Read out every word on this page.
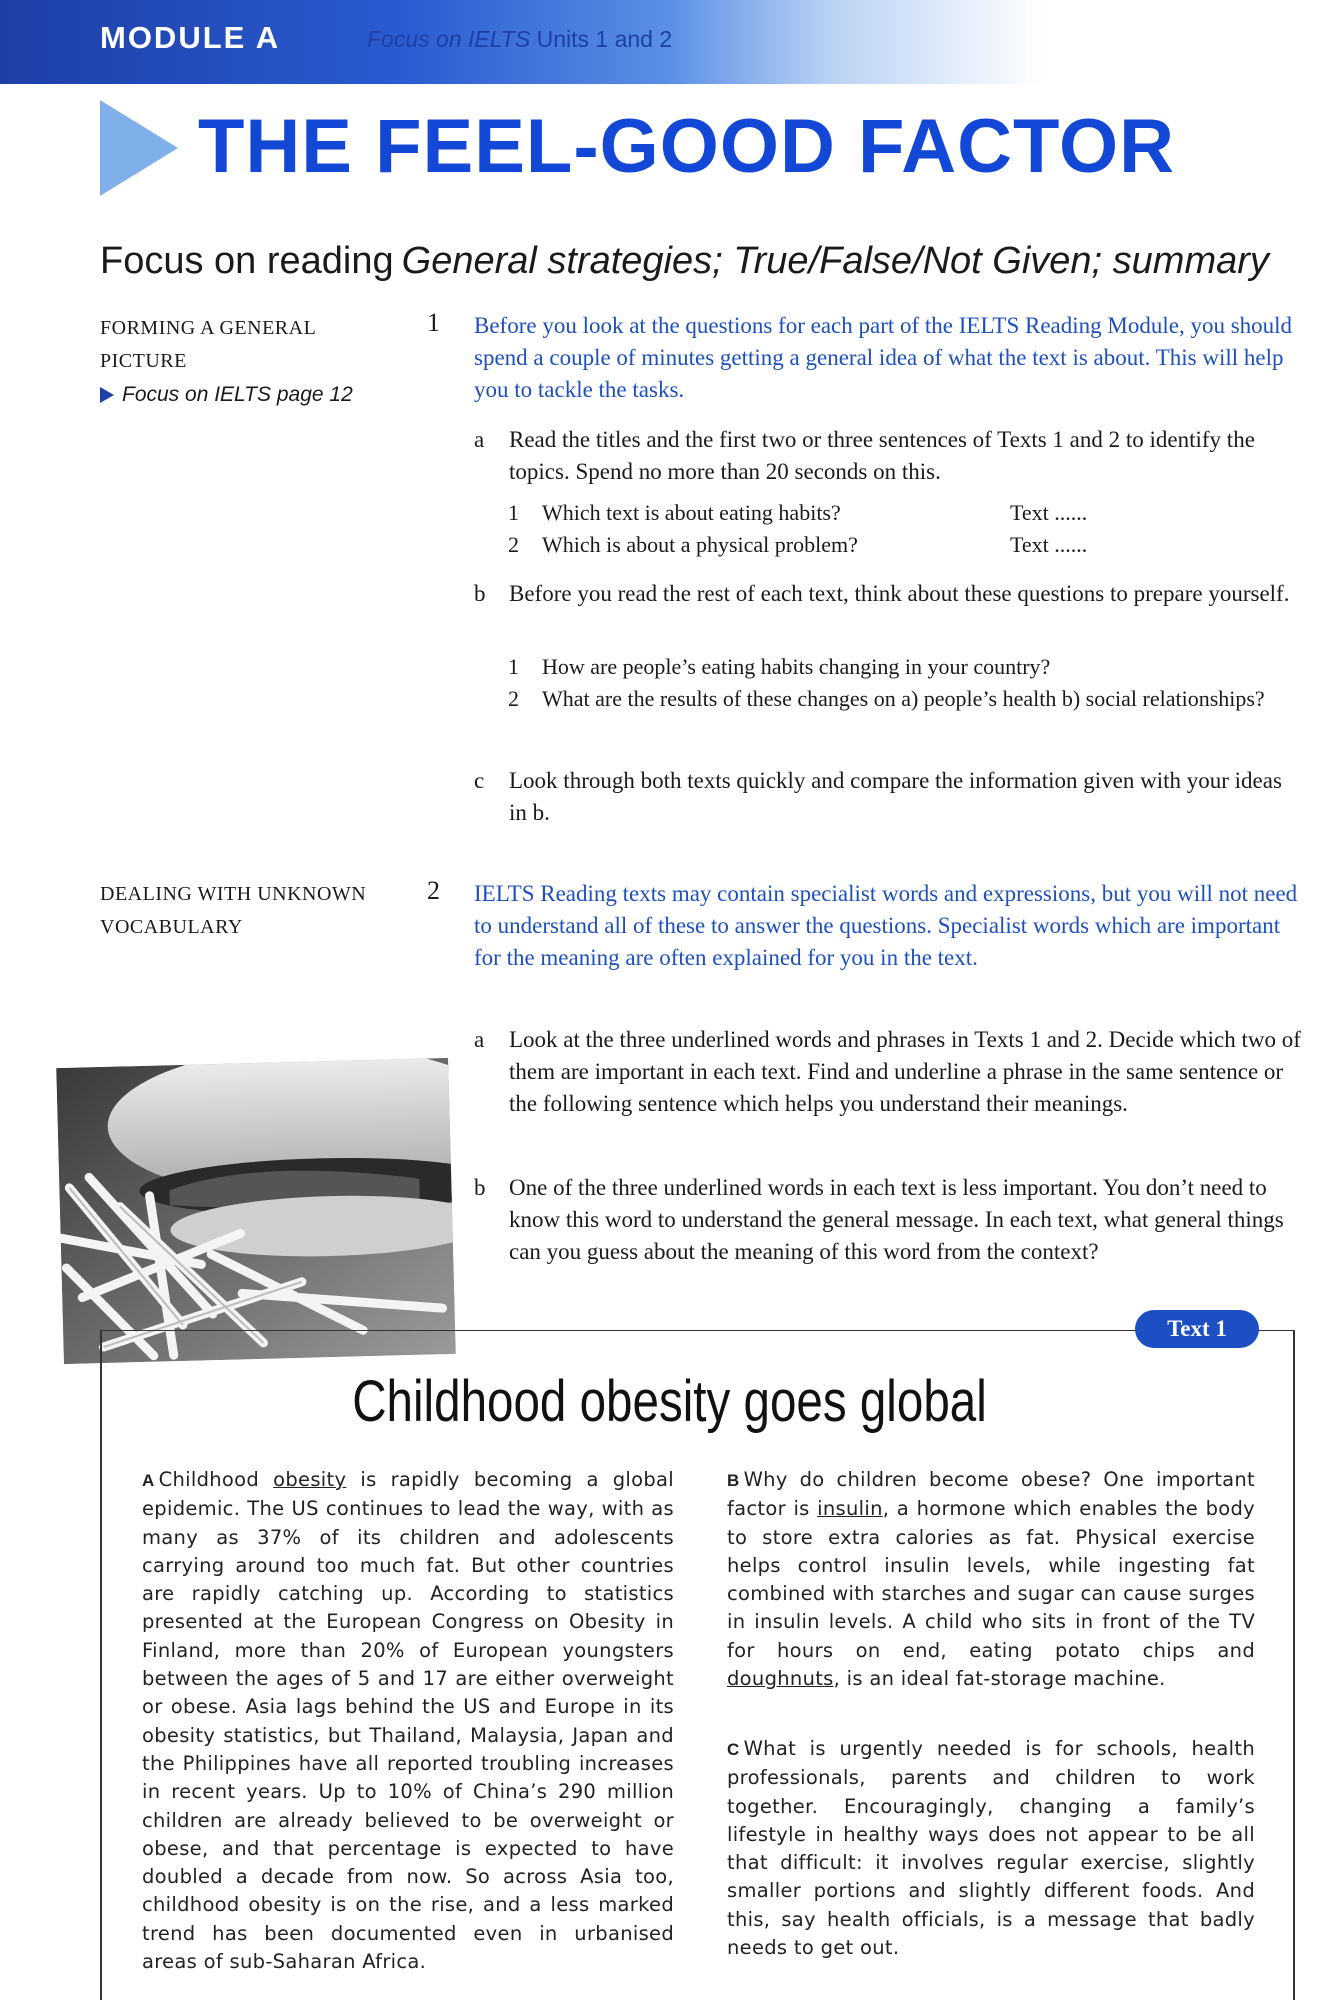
MODULE A	Focus on IELTS Units 1 and 2
THE FEEL-GOOD FACTOR
Focus on reading General strategies; True/False/Not Given; summary
FORMING A GENERAL
PICTURE
Focus on IELTS page 12
1 Before you look at the questions for each part of the IELTS Reading Module, you should spend a couple of minutes getting a general idea of what the text is about. This will help you to tackle the tasks.
a Read the titles and the first two or three sentences of Texts 1 and 2 to identify the topics. Spend no more than 20 seconds on this.
1 Which text is about eating habits?	Text ......
2 Which is about a physical problem?	Text ......
b Before you read the rest of each text, think about these questions to prepare yourself.
1 How are people’s eating habits changing in your country?
2 What are the results of these changes on a) people’s health b) social relationships?
c Look through both texts quickly and compare the information given with your ideas in b.
DEALING WITH UNKNOWN
VOCABULARY
2 IELTS Reading texts may contain specialist words and expressions, but you will not need to understand all of these to answer the questions. Specialist words which are important for the meaning are often explained for you in the text.
a Look at the three underlined words and phrases in Texts 1 and 2. Decide which two of them are important in each text. Find and underline a phrase in the same sentence or the following sentence which helps you understand their meanings.
b One of the three underlined words in each text is less important. You don’t need to know this word to understand the general message. In each text, what general things can you guess about the meaning of this word from the context?
Text 1
Childhood obesity goes global
A Childhood obesity is rapidly becoming a global epidemic. The US continues to lead the way, with as many as 37% of its children and adolescents carrying around too much fat. But other countries are rapidly catching up. According to statistics presented at the European Congress on Obesity in Finland, more than 20% of European youngsters between the ages of 5 and 17 are either overweight or obese. Asia lags behind the US and Europe in its obesity statistics, but Thailand, Malaysia, Japan and the Philippines have all reported troubling increases in recent years. Up to 10% of China’s 290 million children are already believed to be overweight or obese, and that percentage is expected to have doubled a decade from now. So across Asia too, childhood obesity is on the rise, and a less marked trend has been documented even in urbanised areas of sub-Saharan Africa.
B Why do children become obese? One important factor is insulin, a hormone which enables the body to store extra calories as fat. Physical exercise helps control insulin levels, while ingesting fat combined with starches and sugar can cause surges in insulin levels. A child who sits in front of the TV for hours on end, eating potato chips and doughnuts, is an ideal fat-storage machine.
C What is urgently needed is for schools, health professionals, parents and children to work together. Encouragingly, changing a family’s lifestyle in healthy ways does not appear to be all that difficult: it involves regular exercise, slightly smaller portions and slightly different foods. And this, say health officials, is a message that badly needs to get out.
